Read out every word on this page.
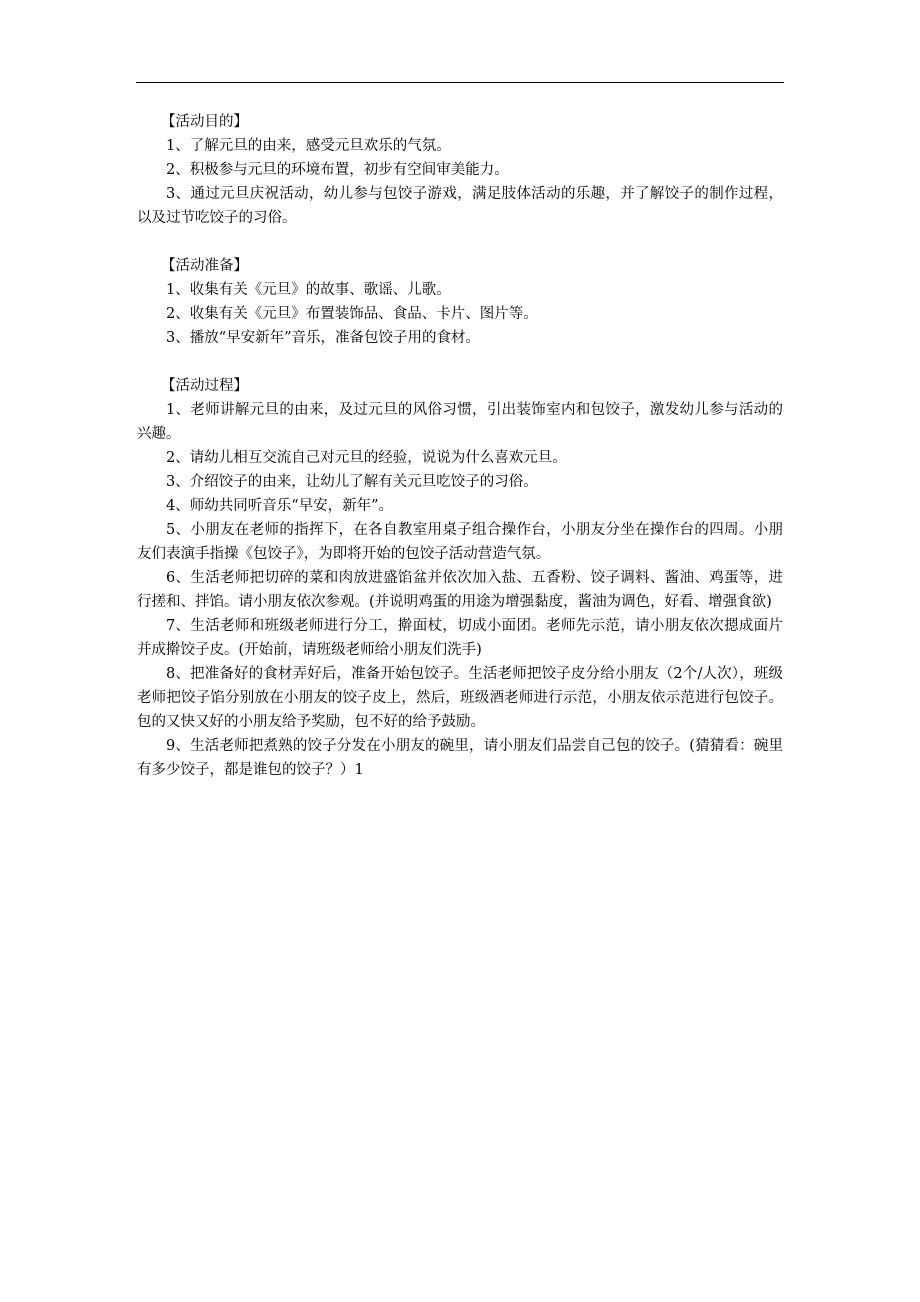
【活动目的】

1、了解元旦的由来，感受元旦欢乐的气氛。

2、积极参与元旦的环境布置，初步有空间审美能力。

3、通过元旦庆祝活动，幼儿参与包饺子游戏，满足肢体活动的乐趣，并了解饺子的制作过程，以及过节吃饺子的习俗。

【活动准备】

1、收集有关《元旦》的故事、歌谣、儿歌。

2、收集有关《元旦》布置装饰品、食品、卡片、图片等。

3、播放“早安新年”音乐，准备包饺子用的食材。

【活动过程】

1、老师讲解元旦的由来，及过元旦的风俗习惯，引出装饰室内和包饺子，激发幼儿参与活动的兴趣。

2、请幼儿相互交流自己对元旦的经验，说说为什么喜欢元旦。

3、介绍饺子的由来，让幼儿了解有关元旦吃饺子的习俗。

4、师幼共同听音乐“早安，新年”。

5、小朋友在老师的指挥下，在各自教室用桌子组合操作台，小朋友分坐在操作台的四周。小朋友们表演手指操《包饺子》，为即将开始的包饺子活动营造气氛。

6、生活老师把切碎的菜和肉放进盛馅盆并依次加入盐、五香粉、饺子调料、酱油、鸡蛋等，进行搓和、拌馅。请小朋友依次参观。(并说明鸡蛋的用途为增强黏度，酱油为调色，好看、增强食欲)

7、生活老师和班级老师进行分工，擀面杖，切成小面团。老师先示范，请小朋友依次摁成面片并成擀饺子皮。(开始前，请班级老师给小朋友们洗手)

8、把准备好的食材弄好后，准备开始包饺子。生活老师把饺子皮分给小朋友（2个/人次），班级老师把饺子馅分别放在小朋友的饺子皮上，然后，班级酒老师进行示范，小朋友依示范进行包饺子。包的又快又好的小朋友给予奖励，包不好的给予鼓励。

9、生活老师把煮熟的饺子分发在小朋友的碗里，请小朋友们品尝自己包的饺子。(猜猜看：碗里有多少饺子，都是谁包的饺子？）1
